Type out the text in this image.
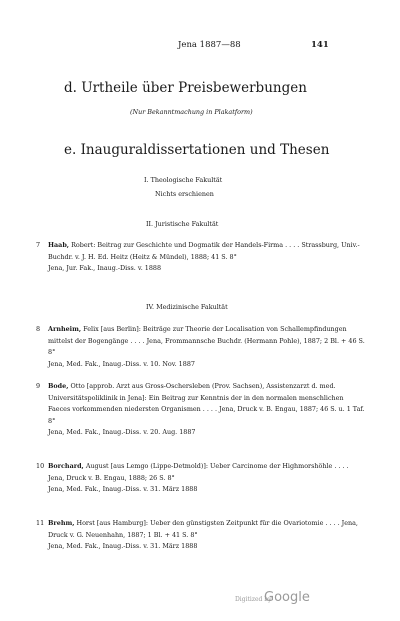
Jena 1887—88	141
d. Urtheile über Preisbewerbungen
(Nur Bekanntmachung in Plakatform)
e. Inauguraldissertationen und Thesen
I. Theologische Fakultät
Nichts erschienen
II. Juristische Fakultät
7	Haab, Robert: Beitrag zur Geschichte und Dogmatik der Handels-Firma . . . . Strassburg, Univ.-Buchdr. v. J. H. Ed. Heitz (Heitz & Mündel), 1888; 41 S. 8°
Jena, Jur. Fak., Inaug.-Diss. v. 1888
IV. Medizinische Fakultät
8	Arnheim, Felix [aus Berlin]: Beiträge zur Theorie der Localisation von Schallempfindungen mittelst der Bogengänge . . . . Jena, Frommannsche Buchdr. (Hermann Pohle), 1887; 2 Bl. + 46 S. 8°
Jena, Med. Fak., Inaug.-Diss. v. 10. Nov. 1887
9	Bode, Otto [approb. Arzt aus Gross-Oschersleben (Prov. Sachsen), Assistenzarzt d. med. Universitätspoliklinik in Jena]: Ein Beitrag zur Kenntnis der in den normalen menschlichen Faeces vorkommenden niedersten Organismen . . . . Jena, Druck v. B. Engau, 1887; 46 S. u. 1 Taf. 8°
Jena, Med. Fak., Inaug.-Diss. v. 20. Aug. 1887
10 Borchard, August [aus Lemgo (Lippe-Detmold)]: Ueber Carcinome der Highmorshöhle . . . . Jena, Druck v. B. Engau, 1888; 26 S. 8°
Jena, Med. Fak., Inaug.-Diss. v. 31. März 1888
11 Brehm, Horst [aus Hamburg]: Ueber den günstigsten Zeitpunkt für die Ovariotomie . . . . Jena, Druck v. G. Neuenhahn, 1887; 1 Bl. + 41 S. 8°
Jena, Med. Fak., Inaug.-Diss. v. 31. März 1888
Digitized by
Google
